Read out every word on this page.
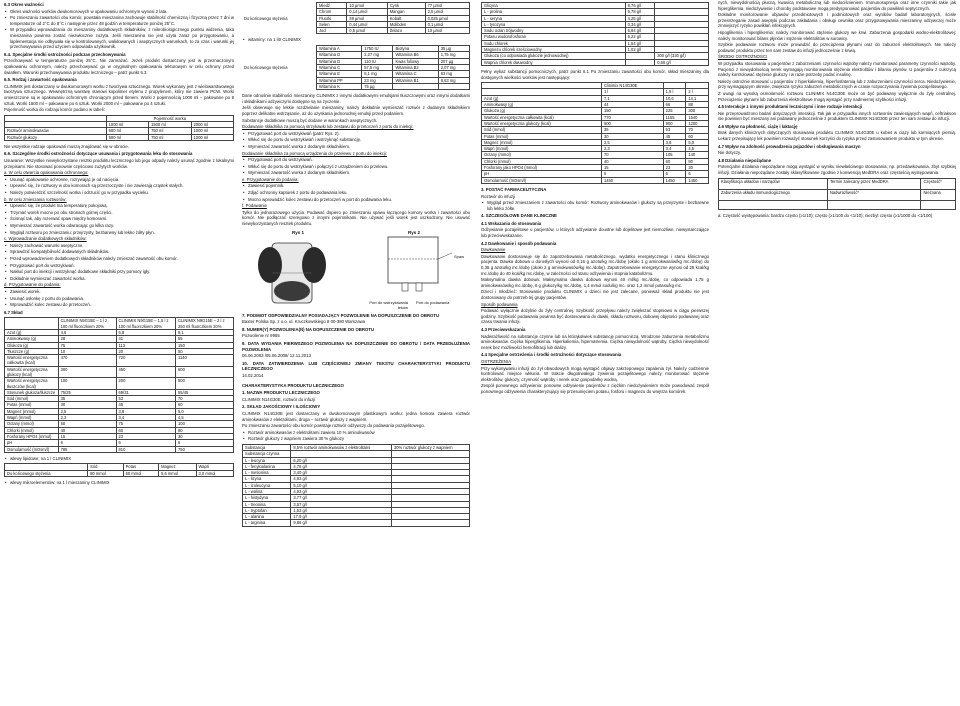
6.3 Okres ważności

• Okres ważności worków dwukomorowych w opakowaniu ochronnym wynosi 2 lata.

• Po zmieszaniu zawartości obu komór, powstała mieszanina zachowuje stabilność chemiczną i fizyczną przez 7 dni w temperaturze od 2°C do 8°C i następnie przez 48 godzin w temperaturze poniżej 25°C.

• W przypadku wprowadzania do mieszaniny dodatkowych składników, z mikrobiologicznego punktu widzenia, taka mieszanina powinna zostać niezwłocznie zużyta. Jeśli mieszanina nie jest użyta zaraz po przygotowaniu, a laplementacja nie odbywała się w kontrolowanych, walidowanych i aseptycznych warunkach, to za czas i warunki jej przechowywania przed użyciem odpowiada użytkownik.

6.4. Specjalne środki ostrożności podczas przechowywania

Przechowywać w temperaturze poniżej 25°C. Nie zamrażać. Jeżeli produkt dostarczony jest w przeznaczonym opakowaniu ochronnym, należy przechowywać go w oryginalnym opakowaniu tekturowym w celu ochrony przed światłem. Warunki przechowywania produktu leczniczego – patrz punkt 6.3.

6.5. Rodzaj i zawartość opakowania

CLINIMIX jest dostarczany w dwukomorowym worku z tworzywa sztucznego. Worek wykonany jest z wielowarstwowego tworzywa sztucznego. Wewnętrzną warstwę stanowi kopolimer etylenu z propylenem, który nie zawiera PCW. Worki umieszczone są w opakowaniu ochronnym chroniącym przed tlenem. Worki z pojemnością 1000 ml – pakowane po 8 sztuk. Worki 1500 ml – pakowane po 6 sztuk. Worki 2000 ml – pakowane po 4 sztuki.

Pojemność worka do rodzaju komór podano w tabeli:

	Pojemność worka		
	1000 ml	1500 ml	2000 ml
Roztwór aminokwasów	500 ml	750 ml	1000 ml
Roztwór glukozy	500 ml	750 ml	1000 ml

Nie wszystkie rodzaje opakowań muszą znajdować się w obrocie.

6.6. Szczególne środki ostrożności dotyczące usuwania i przygotowania leku do stosowania

Usuwanie: Wszystkie niewykorzystane resztki produktu leczniczego lub jego odpady należy usunąć zgodnie z lokalnymi przepisami. Nie stosować ponownie częściowo zużytych worków.

a. W celu otwarcia opakowania ochronnego:

• Usunąć opakowanie ochronne, rozrywając je od nacięcia.

• Upewnić się, że roztwory w obu komorach są przezroczyste i nie zawierają cząstek stałych.

• Należy potwierdzić szczelność worka i odrzucić go w przypadku wycieku.

b. W celu zmieszania roztworów:

• Upewnić się, że produkt ma temperaturę pokojową.

• Trzymać worek mocno po obu stronach górnej części.

• Ścisnąć tak, aby rozerwać spaw między komorami.

• Wymieszać zawartość worka odwracając go kilka razy.

• Wygląd roztworu po zmieszaniu: przejrzysty, bezbarwny lub lekko żółty płyn.

c. Wprowadzanie dodatkowych składników:

• Należy zachować warunki aseptyczne.

• Sprawdzić kompatybilność dodawanych składników.

• Przed wprowadzeniem dodatkowych składników należy zmieszać zawartość obu komór.

• Przygotować port do wstrzykiwań.

• Nakłuć port do iniekcji i wstrzyknąć dodatkowe składniki przy pomocy igły.

• Dokładnie wymieszać zawartość worka.

d. Przygotowanie do podania:

• Zawiesić worek.

• Usunąć osłonkę z portu do podawania.

• Wprowadzić kolec zestawu do przetoczeń.

6.7 Skład

	CLINIMIX N9G15E – 1 l z 100 ml fluorczkiem 20%	CLINIMIX N9G15E – 1,5 l z 100 ml fluorczkiem 20%	CLINIMIX N9G15E – 2 l z 250 ml fluorczkiem 20%
Azot (g)	4,6	6,8	9,1
Aminokwasy (g)	28	41	55
Glukoza (g)	75	113	150
Tłuszcze (g)	10	20	50
Wartość energetyczna całkowita (kcal)	470	720	1140
Wartość energetyczna glukozy (kcal)	300	450	600
Wartość energetyczna tłuszczów (kcal)	100	200	500
Stosunek glukoza/tłuszcze	75/25	69/31	55/45
Sód (mmol)	35	53	70
Potas (mmol)	30	45	60
Magnez (mmol)	2,5	3,8	5,0
Wapń (mmol)	2,3	3,4	4,5
Octany (mmol)	50	75	100
Chlorki (mmol)	40	60	80
Fosforany HPO4 (mmol)	15	23	30
pH	6	6	6
Osmolarność (mOsm/l)	785	810	750

• wlewy lipidowe; na 1 l CLINIMIX

	Sód	Potas	Magnez	Wapń
Do końcowego stężenia	80 mmol	60 mmol	5,6 mmol	3,0 mmol

• wlewy mikroelementów: na 1 l mieszaniny CLINIMIX

Do końcowego stężenia	Miedź	10 µmol	Cynk	77 µmol
	Chrom	0,14 µmol	Mangan	2,5 µmol
	Fluorki	38 µmol	Kobalt	0,025 µmol
	Selen	0,44 µmol	Molibden	0,1 µmol
	Jod	0,5 µmol	Żelazo	10 µmol

• witaminy: na 1 litr CLINIMIX

Do końcowego stężenia	Witamina A	1750 IU	Biotyna	35 µg
	Witamina D	2,27 mg	Witamina B6	1,75 mg
	Witamina D	110 IU	Kwas foliowy	207 µg
	Witamina C	57,5 mg	Witamina B2	2,07 mg
	Witamina E	5,1 mg	Witamina C	63 mg
	Witamina PP	23 mg	Witamina B1	8,63 mg
	Witamina K	75 µg		

Dane odnośnie stabilności mieszaniny CLINIMIX z innymi dodatkowymi emulsjami tłuszczowymi oraz innymi dodatkami i składnikami odżywczymi dostępne są na życzenie.

Jeśli obserwuje się lekkie rozdzielanie mieszaniny, należy dokładnie wymieszać roztwór z dodanym składnikiem poprzez delikatne wstrząsanie, aż do uzyskania jednorodnej emulsji przed podaniem.

Substancje dodatkowe muszą być dodane w warunkach aseptycznych.

Dodawanie składnika za pomocą strzykawki lub zestawu do przetoczeń z portu do iniekcji:

• Przygotować port do wstrzykiwań (patrz Rys. 2).

• Wkłuć się do portu do wstrzykiwań i wstrzyknąć substancję.

• Wymieszać zawartość worka z dodanym składnikiem.

Dodawanie składnika za pomocą urządzenia do przelewu z portu do iniekcji:

• Przygotować port do wstrzykiwań.

• Wkłuć się do portu do wstrzykiwań i połączyć z urządzeniem do przelewu.

• Wymieszać zawartość worka z dodanym składnikiem.

e. Przygotowanie do podania:

• Zawiesić pojemnik.

• Zdjąć ochronny kapturek z portu do podawania leku.

• Mocno wprowadzić kolec zestawu do przetoczeń w port do podawania leku.

f. Podawanie

Tylko do jednorazowego użycia. Podawać dopiero po zmieszaniu spawu łączącego komory worka i zawartości obu komór. Nie podłączać szeregowo z innymi pojemnikami. Nie używać jeśli worek jest uszkodzony. Nie usuwać niewykorzystanych resztek produktu.

Rys 1	Rys 2
Spaw
Port do wstrzykiwania leków
Port do podawania

7. PODMIOT ODPOWIEDZIALNY POSIADAJĄCY POZWOLENIE NA DOPUSZCZENIE DO OBROTU

Baxter Polska Sp. z o.o. ul. Kruczkowskiego 8 00-380 Warszawa

8. NUMER(Y) POZWOLENIA(Ń) NA DOPUSZCZENIE DO OBROTU

Pozwolenie nr 9955

9. DATA WYDANIA PIERWSZEGO POZWOLENIA NA DOPUSZCZENIE DO OBROTU / DATA PRZEDŁUŻENIA POZWOLENIA

06.06.2003 /05.06.2008/ 12.11.2013

10. DATA ZATWIERDZENIA LUB CZĘŚCIOWEJ ZMIANY TEKSTU CHARAKTERYSTYKI PRODUKTU LECZNICZEGO

14.02.2014

CHARAKTERYSTYKA PRODUKTU LECZNICZEGO

1. NAZWA PRODUKTU LECZNICZEGO

CLINIMIX N14G30E, roztwór do infuzji

2. SKŁAD JAKOŚCIOWY I ILOŚCIOWY

CLINIMIX N14G30E jest dostarczany w dwukomorowym plastikowym worku: jedna komora zawiera roztwór aminokwasów z elektrolitami, druga – roztwór glukozy z wapniem.

Po zmieszaniu zawartości obu komór powstaje roztwór odżywczy do podawania pozajelitowego.

• Roztwór aminokwasów z elektrolitami zawiera 10 % aminokwasów

• Roztwór glukozy z wapniem zawiera 30 % glukozy

Substancja	8,5% roztwór aminokwasów z elektrolitami	30% roztwór glukozy z wapniem
Substancja czynna		
L - leucyna	6,20 g/l	
L - fenyloalanina	4,76 g/l	
L - metionina	3,40 g/l	
L - lizyna	4,93 g/l	
L - izoleucyna	5,10 g/l	
L - walina	4,93 g/l	
L - histydyna	3,77 g/l	
L - treonina	3,57 g/l	
L - tryptofan	1,53 g/l	
L - alanina	17,9 g/l	
L - arginina	9,86 g/l	
Glicyna	8,76 g/l	
L - prolina	5,78 g/l	
L - seryna	4,25 g/l	
L - tyrozyna	0,34 g/l	
Sodu octan trójwodny	5,84 g/l	
Potasu wodorofosforan	5,22 g/l	
Sodu chlorek	1,54 g/l	
Magnezu chlorek sześciowodny	1,02 g/l	
Glukoza (co odpowiada glukozie jednowodnej)		300 g/l (330 g/l)
Wapnia chlorek dwuwodny		0,66 g/l

Pełny wykaz substancji pomocniczych, patrz punkt 6.1 Po zmieszaniu zawartości obu komór, skład mieszaniny dla dostępnych wielkości worków jest następujący:

	Clinimix N14G30E		
	1 l	1,5 l	2 l
Azot (g)	7,1	10,6	14,1
Aminokwasy (g)	44	66	88
Glukoza (g)	150	225	300
Wartość energetyczna całkowita (kcal)	770	1155	1540
Wartość energetyczna glukozy (kcal)	600	900	1200
Sód (mmol)	35	53	70
Potas (mmol)	30	45	60
Magnez (mmol)	2,5	3,8	5,0
Wapń (mmol)	2,3	3,4	4,5
Octany (mmol)	70	105	140
Chlorki (mmol)	40	60	80
Fosforany jako HPO4 (mmol)	15	23	30
pH	6	6	6
Osmolarność (mOsm/l)	1450	1450	1450

3. POSTAĆ FARMACEUTYCZNA

Roztwór do infuzji

• Wygląd przed zmieszaniem z zawartości obu komór: Roztwory aminokwasów i glukozy są przejrzyste i bezbarwne lub lekko żółte.

4. SZCZEGÓŁOWE DANE KLINICZNE

4.1 Wskazania do stosowania

Odżywianie pozajelitowe u pacjentów, u których odżywianie doustne lub dojelitowe jest niemożliwe, niewystarczające lub przeciwwskazane.

4.2 Dawkowanie i sposób podawania

Dawkowanie

Dawkowanie dostosowuje się do zapotrzebowania metabolicznego, wydatku energetycznego i stanu klinicznego pacjenta. Dawka dobowa u dorosłych wynosi od 0,16 g azotu/kg mc./dobę (około 1 g aminokwasów/kg mc./dobę) do 0,35 g azotu/kg mc./dobę (około 2 g aminokwasów/kg mc./dobę). Zapotrzebowanie energetyczne wynosi od 25 kcal/kg mc./dobę do 40 kcal/kg mc./dobę, w zależności od stanu odżywienia i stopnia katabolizmu.

Maksymalna dawka dobowa: Maksymalna dawka dobowa wynosi 40 ml/kg mc./dobę, co odpowiada 1,75 g aminokwasów/kg mc./dobę, 6 g glukozy/kg mc./dobę, 1,4 mmol sodu/kg mc. oraz 1,2 mmol potasu/kg mc.

Dzieci i młodzież: Stosowanie produktu CLINIMIX u dzieci nie jest zalecane, ponieważ skład produktu nie jest dostosowany do potrzeb tej grupy pacjentów.

Sposób podawania

Podawać wyłącznie dożylnie do żyły centralnej. Szybkość przepływu należy zwiększać stopniowo w ciągu pierwszej godziny. Szybkość podawania powinna być dostosowana do dawki, składu roztworu, dobowej objętości podawanej oraz czasu trwania infuzji.

4.3 Przeciwwskazania

Nadwrażliwość na substancje czynne lub na którąkolwiek substancję pomocniczą. Wrodzone zaburzenia metabolizmu aminokwasów. Ciężka hiperglikemia. Hiperkaliemia, hipernatremia. Ciężka niewydolność wątroby. Ciężka niewydolność nerek bez możliwości hemofiltracji lub dializy.

4.4 Specjalne ostrzeżenia i środki ostrożności dotyczące stosowania

OSTRZEŻENIA

Przy wykonywaniu infuzji do żył obwodowych mogą wystąpić objawy zakrzepowego zapalenia żył. Należy codziennie kontrolować miejsce wkłucia. W trakcie długotrwałego żywienia pozajelitowego należy monitorować stężenie elektrolitów, glukozy, czynność wątroby i nerek oraz gospodarkę wodną.

Zespół ponownego odżywienia: ponowne odżywienie pacjentów z ciężkim niedożywieniem może powodować zespół ponownego odżywienia charakteryzujący się przesunięciem potasu, fosforu i magnezu do wnętrza komórek.

nych, niewydolnością płucną, kwasicą metaboliczną lub niedociśnieniem. Immunosupresja oraz inne czynniki takie jak hiperglikemia, niedożywienie i choroby podstawowe mogą predysponować pacjentów do powikłań septycznych.

Dokładne monitorowanie objawów przedmiotowych i podmiotowych oraz wyników badań laboratoryjnych, ścisłe przestrzeganie zasad aseptyki podczas zakładania i obsługi cewnika oraz przygotowywania mieszaniny odżywczej może zmniejszyć ryzyko powikłań infekcyjnych.

Hipoglikemia i hiperglikemia: należy monitorować stężenie glukozy we krwi. Zaburzenia gospodarki wodno-elektrolitowej: należy monitorować bilans płynów i stężenie elektrolitów w surowicy.

Szybkie podawanie roztworu może prowadzić do przeciążenia płynami oraz do zaburzeń elektrolitowych. Nie należy podawać produktu przez ten sam zestaw do infuzji jednocześnie z krwią.

ŚRODKI OSTROŻNOŚCI

W przypadku stosowania u pacjentów z zaburzeniami czynności wątroby należy monitorować parametry czynności wątroby. Pacjenci z niewydolnością nerek wymagają monitorowania stężenia elektrolitów i bilansu płynów. U pacjentów z cukrzycą należy kontrolować stężenie glukozy i w razie potrzeby podać insulinę.

Należy ostrożnie stosować u pacjentów z hiperkaliemią, hiperfosfatemią lub z zaburzeniami czynności serca. Niedożywienie, przy wymagającym okresie, zwiększa ryzyko zaburzeń metabolicznych w czasie rozpoczynania żywienia pozajelitowego.

Z uwagi na wysoką osmolarność roztworu CLINIMIX N14G30E może on być podawany wyłącznie do żyły centralnej. Przeciążenie płynami lub zaburzenia elektrolitowe mogą wystąpić przy nadmiernej szybkości infuzji.

4.5 Interakcje z innymi produktami leczniczymi i inne rodzaje interakcji

Nie przeprowadzono badań dotyczących interakcji. Tak jak w przypadku innych roztworów zawierających wapń, ceftriakson nie powinien być mieszany ani podawany jednocześnie z produktem CLINIMIX N14G30E przez ten sam zestaw do infuzji.

4.6 Wpływ na płodność, ciążę i laktację

Brak danych klinicznych dotyczących stosowania produktu CLINIMIX N14G30E u kobiet w ciąży lub karmiących piersią. Lekarz przepisujący lek powinien rozważyć stosunek korzyści do ryzyka przed zastosowaniem produktu w tym okresie.

4.7 Wpływ na zdolność prowadzenia pojazdów i obsługiwania maszyn

Nie dotyczy.

4.8 Działania niepożądane

Potencjalne działania niepożądane mogą wystąpić w wyniku niewłaściwego stosowania, np. przedawkowania, zbyt szybkiej infuzji. Działania niepożądane zostały sklasyfikowane zgodnie z konwencją MedDRA oraz częstością występowania.

Klasyfikacja układów i narządów	Termin zalecany przez MedDRA	Częstość*
Zaburzenia układu immunologicznego	Nadwrażliwość*	Nieznana

a: Częstość występowania: bardzo często (≥1/10); często (≥1/100 do <1/10); niezbyt często (≥1/1000 do <1/100)
